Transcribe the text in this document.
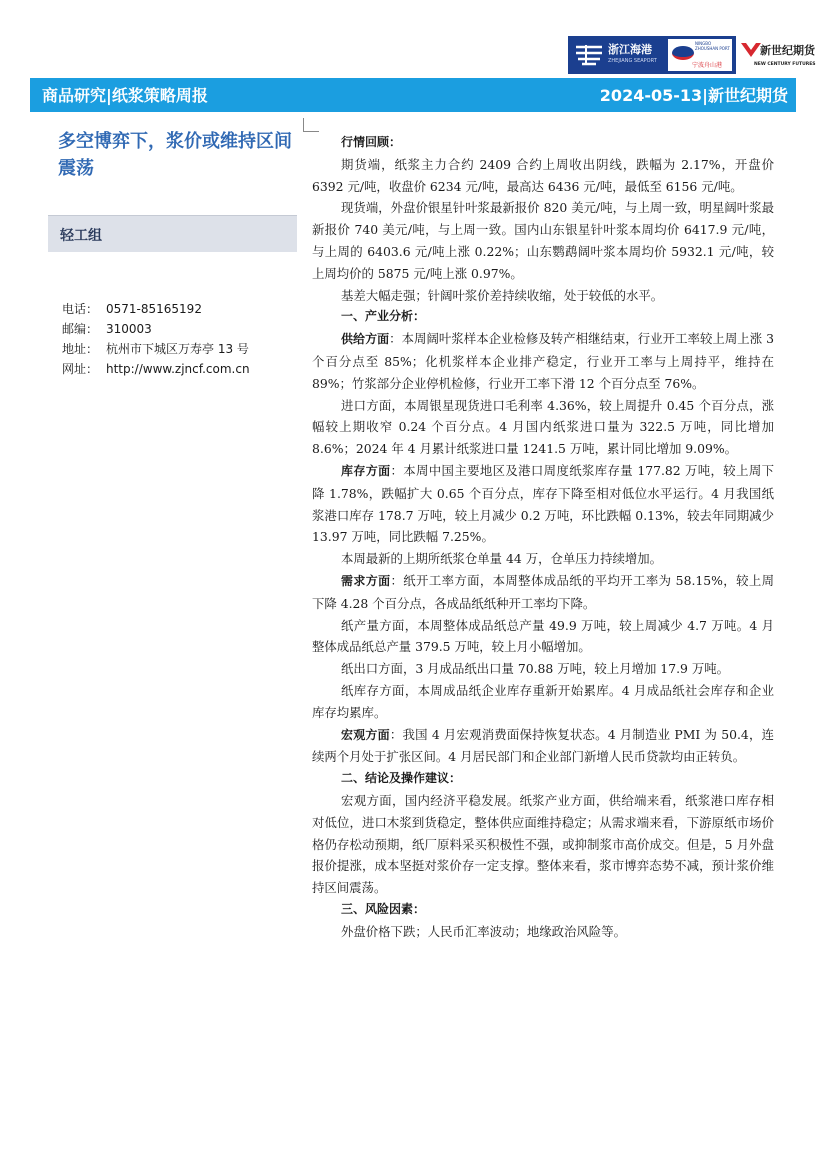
浙江海港
ZHEJIANG SEAPORT
NINGBO ZHOUSHAN PORT
宁波舟山港
新世纪期货
NEW CENTURY FUTURES
商品研究|纸浆策略周报	2024-05-13|新世纪期货
多空博弈下，浆价或维持区间震荡
轻工组
电话： 0571-85165192
邮编： 310003
地址： 杭州市下城区万寿亭 13 号
网址： http://www.zjncf.com.cn

行情回顾：

期货端，纸浆主力合约 2409 合约上周收出阴线，跌幅为 2.17%，开盘价 6392 元/吨，收盘价 6234 元/吨，最高达 6436 元/吨，最低至 6156 元/吨。

现货端，外盘价银星针叶浆最新报价 820 美元/吨，与上周一致，明星阔叶浆最新报价 740 美元/吨，与上周一致。国内山东银星针叶浆本周均价 6417.9 元/吨，与上周的 6403.6 元/吨上涨 0.22%；山东鹦鹉阔叶浆本周均价 5932.1 元/吨，较上周均价的 5875 元/吨上涨 0.97%。

基差大幅走强；针阔叶浆价差持续收缩，处于较低的水平。

一、产业分析：

供给方面：本周阔叶浆样本企业检修及转产相继结束，行业开工率较上周上涨 3 个百分点至 85%；化机浆样本企业排产稳定，行业开工率与上周持平，维持在 89%；竹浆部分企业停机检修，行业开工率下滑 12 个百分点至 76%。

进口方面，本周银星现货进口毛利率 4.36%，较上周提升 0.45 个百分点，涨幅较上期收窄 0.24 个百分点。4 月国内纸浆进口量为 322.5 万吨，同比增加 8.6%；2024 年 4 月累计纸浆进口量 1241.5 万吨，累计同比增加 9.09%。

库存方面：本周中国主要地区及港口周度纸浆库存量 177.82 万吨，较上周下降 1.78%，跌幅扩大 0.65 个百分点，库存下降至相对低位水平运行。4 月我国纸浆港口库存 178.7 万吨，较上月减少 0.2 万吨，环比跌幅 0.13%，较去年同期减少 13.97 万吨，同比跌幅 7.25%。

本周最新的上期所纸浆仓单量 44 万，仓单压力持续增加。

需求方面：纸开工率方面，本周整体成品纸的平均开工率为 58.15%，较上周下降 4.28 个百分点，各成品纸纸种开工率均下降。

纸产量方面，本周整体成品纸总产量 49.9 万吨，较上周减少 4.7 万吨。4 月整体成品纸总产量 379.5 万吨，较上月小幅增加。

纸出口方面，3 月成品纸出口量 70.88 万吨，较上月增加 17.9 万吨。

纸库存方面，本周成品纸企业库存重新开始累库。4 月成品纸社会库存和企业库存均累库。

宏观方面：我国 4 月宏观消费面保持恢复状态。4 月制造业 PMI 为 50.4，连续两个月处于扩张区间。4 月居民部门和企业部门新增人民币贷款均由正转负。

二、结论及操作建议：

宏观方面，国内经济平稳发展。纸浆产业方面，供给端来看，纸浆港口库存相对低位，进口木浆到货稳定，整体供应面维持稳定；从需求端来看，下游原纸市场价格仍存松动预期，纸厂原料采买积极性不强，或抑制浆市高价成交。但是，5 月外盘报价提涨，成本坚挺对浆价存一定支撑。整体来看，浆市博弈态势不减，预计浆价维持区间震荡。

三、风险因素：

外盘价格下跌；人民币汇率波动；地缘政治风险等。
